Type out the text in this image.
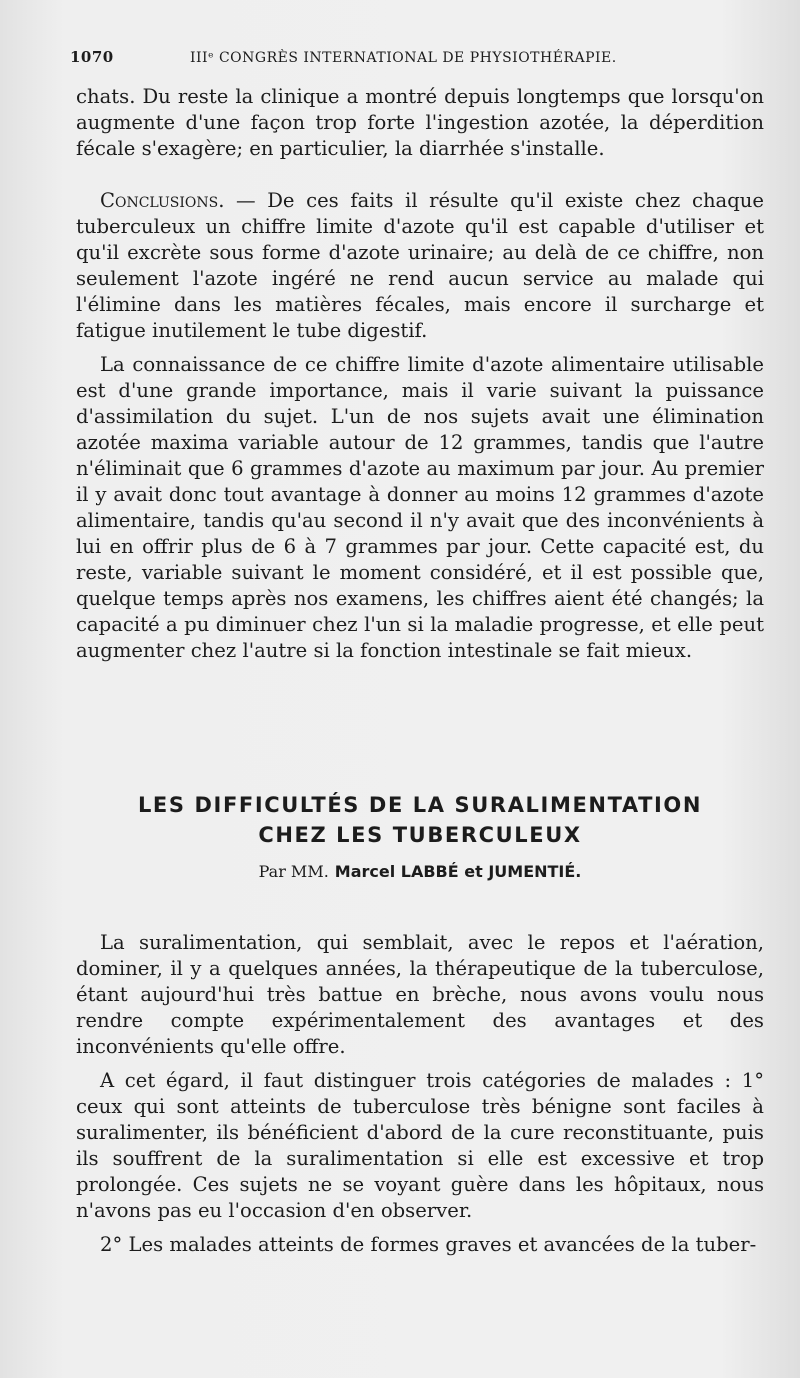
1070	IIIᵉ CONGRÈS INTERNATIONAL DE PHYSIOTHÉRAPIE.

chats. Du reste la clinique a montré depuis longtemps que lorsqu'on augmente d'une façon trop forte l'ingestion azotée, la déperdition fécale s'exagère; en particulier, la diarrhée s'installe.

Conclusions. — De ces faits il résulte qu'il existe chez chaque tuberculeux un chiffre limite d'azote qu'il est capable d'utiliser et qu'il excrète sous forme d'azote urinaire; au delà de ce chiffre, non seulement l'azote ingéré ne rend aucun service au malade qui l'élimine dans les matières fécales, mais encore il surcharge et fatigue inutilement le tube digestif.

La connaissance de ce chiffre limite d'azote alimentaire utilisable est d'une grande importance, mais il varie suivant la puissance d'assimilation du sujet. L'un de nos sujets avait une élimination azotée maxima variable autour de 12 grammes, tandis que l'autre n'éliminait que 6 grammes d'azote au maximum par jour. Au premier il y avait donc tout avantage à donner au moins 12 grammes d'azote alimentaire, tandis qu'au second il n'y avait que des inconvénients à lui en offrir plus de 6 à 7 grammes par jour. Cette capacité est, du reste, variable suivant le moment considéré, et il est possible que, quelque temps après nos examens, les chiffres aient été changés; la capacité a pu diminuer chez l'un si la maladie progresse, et elle peut augmenter chez l'autre si la fonction intestinale se fait mieux.

LES DIFFICULTÉS DE LA SURALIMENTATION
CHEZ LES TUBERCULEUX
Par MM. Marcel LABBÉ et JUMENTIÉ.

La suralimentation, qui semblait, avec le repos et l'aération, dominer, il y a quelques années, la thérapeutique de la tuberculose, étant aujourd'hui très battue en brèche, nous avons voulu nous rendre compte expérimentalement des avantages et des inconvénients qu'elle offre.

A cet égard, il faut distinguer trois catégories de malades : 1° ceux qui sont atteints de tuberculose très bénigne sont faciles à suralimenter, ils bénéficient d'abord de la cure reconstituante, puis ils souffrent de la suralimentation si elle est excessive et trop prolongée. Ces sujets ne se voyant guère dans les hôpitaux, nous n'avons pas eu l'occasion d'en observer.

2° Les malades atteints de formes graves et avancées de la tuber-
